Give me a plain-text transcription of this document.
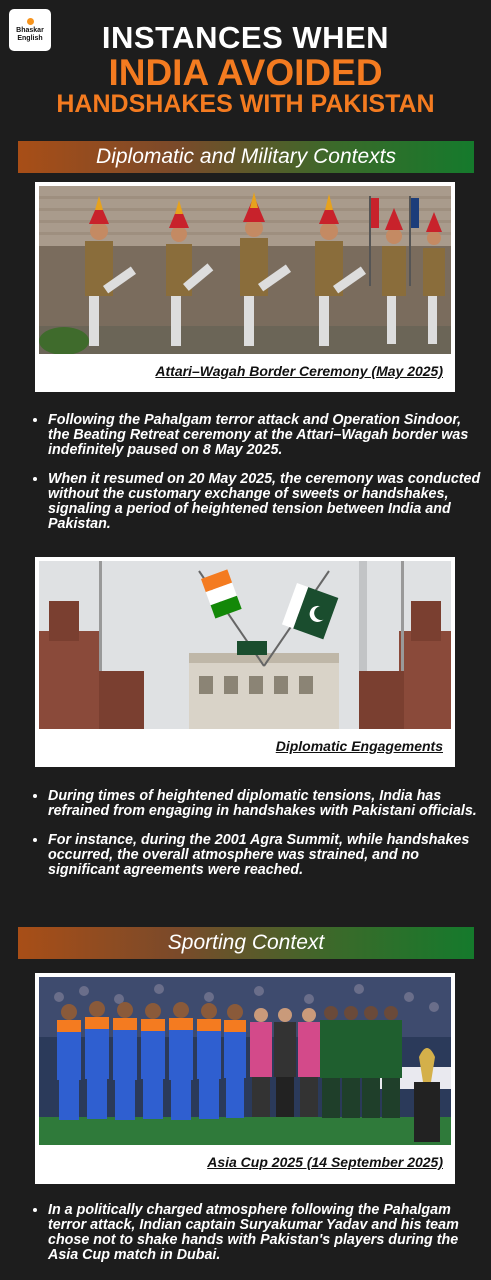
Bhaskar
English	INSTANCES WHEN
INDIA AVOIDED
HANDSHAKES WITH PAKISTAN
Diplomatic and Military Contexts
Attari–Wagah Border Ceremony (May 2025)
• Following the Pahalgam terror attack and Operation Sindoor, the Beating Retreat ceremony at the Attari–Wagah border was indefinitely paused on 8 May 2025.
• When it resumed on 20 May 2025, the ceremony was conducted without the customary exchange of sweets or handshakes, signaling a period of heightened tension between India and Pakistan.
Diplomatic Engagements
• During times of heightened diplomatic tensions, India has refrained from engaging in handshakes with Pakistani officials.
• For instance, during the 2001 Agra Summit, while handshakes occurred, the overall atmosphere was strained, and no significant agreements were reached.
Sporting Context
Asia Cup 2025 (14 September 2025)
• In a politically charged atmosphere following the Pahalgam terror attack, Indian captain Suryakumar Yadav and his team chose not to shake hands with Pakistan's players during the Asia Cup match in Dubai.
